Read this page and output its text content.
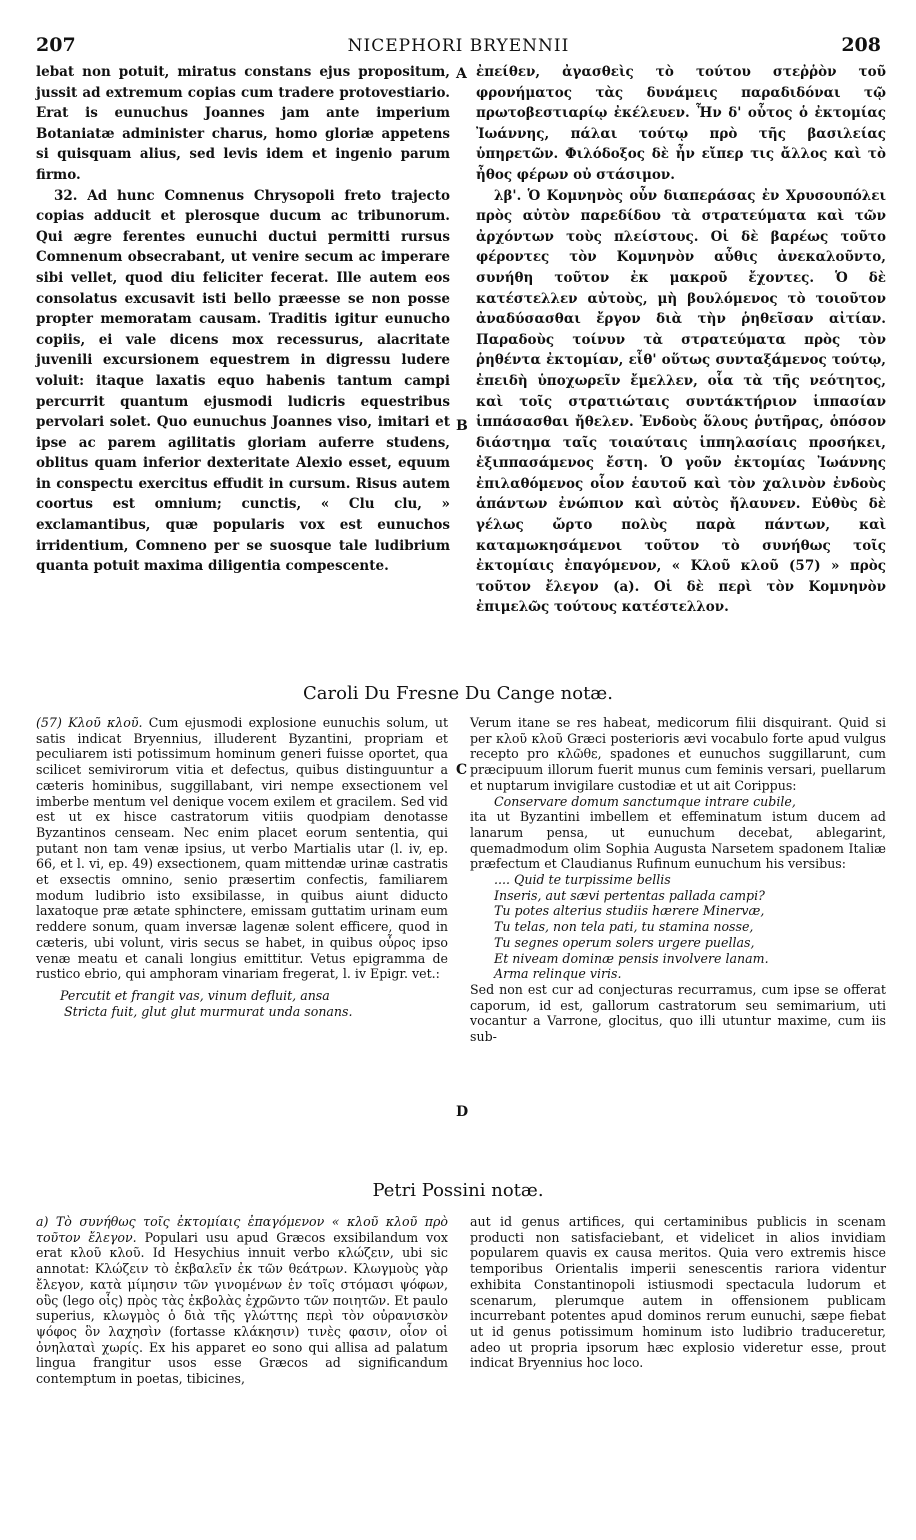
207	NICEPHORI BRYENNII	208

lebat non potuit, miratus constans ejus propositum, jussit ad extremum copias cum tradere protovestiario. Erat is eunuchus Joannes jam ante imperium Botaniatæ administer charus, homo gloriæ appetens si quisquam alius, sed levis idem et ingenio parum firmo.

32. Ad hunc Comnenus Chrysopoli freto trajecto copias adducit et plerosque ducum ac tribunorum. Qui ægre ferentes eunuchi ductui permitti rursus Comnenum obsecrabant, ut venire secum ac imperare sibi vellet, quod diu feliciter fecerat. Ille autem eos consolatus excusavit isti bello præesse se non posse propter memoratam causam. Traditis igitur eunucho copiis, ei vale dicens mox recessurus, alacritate juvenili excursionem equestrem in digressu ludere voluit: itaque laxatis equo habenis tantum campi percurrit quantum ejusmodi ludicris equestribus pervolari solet. Quo eunuchus Joannes viso, imitari et ipse ac parem agilitatis gloriam auferre studens, oblitus quam inferior dexteritate Alexio esset, equum in conspectu exercitus effudit in cursum. Risus autem coortus est omnium; cunctis, « Clu clu, » exclamantibus, quæ popularis vox est eunuchos irridentium, Comneno per se suosque tale ludibrium quanta potuit maxima diligentia compescente.

ἐπείθεν, ἀγασθεὶς τὸ τούτου στεῤῥὸν τοῦ φρονήματος τὰς δυνάμεις παραδιδόναι τῷ πρωτοβεστιαρίῳ ἐκέλευεν. Ἦν δ' οὗτος ὁ ἐκτομίας Ἰωάννης, πάλαι τούτῳ πρὸ τῆς βασιλείας ὑπηρετῶν. Φιλόδοξος δὲ ἦν εἴπερ τις ἄλλος καὶ τὸ ἦθος φέρων οὐ στάσιμον.

λβ'. Ὁ Κομνηνὸς οὖν διαπεράσας ἐν Χρυσουπόλει πρὸς αὐτὸν παρεδίδου τὰ στρατεύματα καὶ τῶν ἀρχόντων τοὺς πλείστους. Οἱ δὲ βαρέως τοῦτο φέροντες τὸν Κομνηνὸν αὖθις ἀνεκαλοῦντο, συνήθη τοῦτον ἐκ μακροῦ ἔχοντες. Ὁ δὲ κατέστελλεν αὐτοὺς, μὴ βουλόμενος τὸ τοιοῦτον ἀναδύσασθαι ἔργον διὰ τὴν ῥηθεῖσαν αἰτίαν. Παραδοὺς τοίνυν τὰ στρατεύματα πρὸς τὸν ῥηθέντα ἐκτομίαν, εἶθ' οὕτως συνταξάμενος τούτῳ, ἐπειδὴ ὑποχωρεῖν ἔμελλεν, οἷα τὰ τῆς νεότητος, καὶ τοῖς στρατιώταις συντάκτήριον ἱππασίαν ἱππάσασθαι ἤθελεν. Ἐνδοὺς ὅλους ῥυτῆρας, ὁπόσον διάστημα ταῖς τοιαύταις ἱππηλασίαις προσήκει, ἐξιππασάμενος ἔστη. Ὁ γοῦν ἐκτομίας Ἰωάννης ἐπιλαθόμενος οἷον ἑαυτοῦ καὶ τὸν χαλινὸν ἐνδοὺς ἁπάντων ἐνώπιον καὶ αὐτὸς ἤλαυνεν. Εὐθὺς δὲ γέλως ὤρτο πολὺς παρὰ πάντων, καὶ καταμωκησάμενοι τοῦτον τὸ συνήθως τοῖς ἐκτομίαις ἐπαγόμενον, « Κλοῦ κλοῦ (57) » πρὸς τοῦτον ἔλεγον (a). Οἱ δὲ περὶ τὸν Κομνηνὸν ἐπιμελῶς τούτους κατέστελλον.

A
B
C
D
Caroli Du Fresne Du Cange notæ.

(57) Κλοῦ κλοῦ. Cum ejusmodi explosione eunuchis solum, ut satis indicat Bryennius, illuderent Byzantini, propriam et peculiarem isti potissimum hominum generi fuisse oportet, qua scilicet semivirorum vitia et defectus, quibus distinguuntur a cæteris hominibus, suggillabant, viri nempe exsectionem vel imberbe mentum vel denique vocem exilem et gracilem. Sed vid est ut ex hisce castratorum vitiis quodpiam denotasse Byzantinos censeam. Nec enim placet eorum sententia, qui putant non tam venæ ipsius, ut verbo Martialis utar (l. iv, ep. 66, et l. vi, ep. 49) exsectionem, quam mittendæ urinæ castratis et exsectis omnino, senio præsertim confectis, familiarem modum ludibrio isto exsibilasse, in quibus aiunt diducto laxatoque præ ætate sphinctere, emissam guttatim urinam eum reddere sonum, quam inversæ lagenæ solent efficere, quod in cæteris, ubi volunt, viris secus se habet, in quibus οὖρος ipso venæ meatu et canali longius emittitur. Vetus epigramma de rustico ebrio, qui amphoram vinariam fregerat, l. iv Epigr. vet.:

Percutit et frangit vas, vinum defluit, ansa

Stricta fuit, glut glut murmurat unda sonans.

Verum itane se res habeat, medicorum filii disquirant. Quid si per κλοῦ κλοῦ Græci posterioris ævi vocabulo forte apud vulgus recepto pro κλῶθε, spadones et eunuchos suggillarunt, cum præcipuum illorum fuerit munus cum feminis versari, puellarum et nuptarum invigilare custodiæ et ut ait Corippus:

Conservare domum sanctumque intrare cubile,

ita ut Byzantini imbellem et effeminatum istum ducem ad lanarum pensa, ut eunuchum decebat, ablegarint, quemadmodum olim Sophia Augusta Narsetem spadonem Italiæ præfectum et Claudianus Rufinum eunuchum his versibus:

.... Quid te turpissime bellis

Inseris, aut sævi pertentas pallada campi?

Tu potes alterius studiis hærere Minervæ,

Tu telas, non tela pati, tu stamina nosse,

Tu segnes operum solers urgere puellas,

Et niveam dominæ pensis involvere lanam.

Arma relinque viris.

Sed non est cur ad conjecturas recurramus, cum ipse se offerat caporum, id est, gallorum castratorum seu semimarium, uti vocantur a Varrone, glocitus, quo illi utuntur maxime, cum iis sub-

Petri Possini notæ.

a) Τὸ συνήθως τοῖς ἐκτομίαις ἐπαγόμενον « κλοῦ κλοῦ πρὸ τοῦτον ἔλεγον. Populari usu apud Græcos exsibilandum vox erat κλοῦ κλοῦ. Id Hesychius innuit verbo κλώζειν, ubi sic annotat: Κλώζειν τὸ ἐκβαλεῖν ἐκ τῶν θεάτρων. Κλωγμοὺς γὰρ ἔλεγον, κατὰ μίμησιν τῶν γινομένων ἐν τοῖς στόμασι ψόφων, οὓς (lego οἷς) πρὸς τὰς ἐκβολὰς ἐχρῶντο τῶν ποιητῶν. Et paulo superius, κλωγμὸς ὁ διὰ τῆς γλώττης περὶ τὸν οὐρανισκὸν ψόφος ὃν λαχησὶν (fortasse κλάκησιν) τινὲς φασιν, οἷον οἱ ὀνηλαταὶ χωρίς. Ex his apparet eo sono qui allisa ad palatum lingua frangitur usos esse Græcos ad significandum contemptum in poetas, tibicines,

aut id genus artifices, qui certaminibus publicis in scenam producti non satisfaciebant, et videlicet in alios invidiam popularem quavis ex causa meritos. Quia vero extremis hisce temporibus Orientalis imperii senescentis rariora videntur exhibita Constantinopoli istiusmodi spectacula ludorum et scenarum, plerumque autem in offensionem publicam incurrebant potentes apud dominos rerum eunuchi, sæpe fiebat ut id genus potissimum hominum isto ludibrio traduceretur, adeo ut propria ipsorum hæc explosio videretur esse, prout indicat Bryennius hoc loco.
